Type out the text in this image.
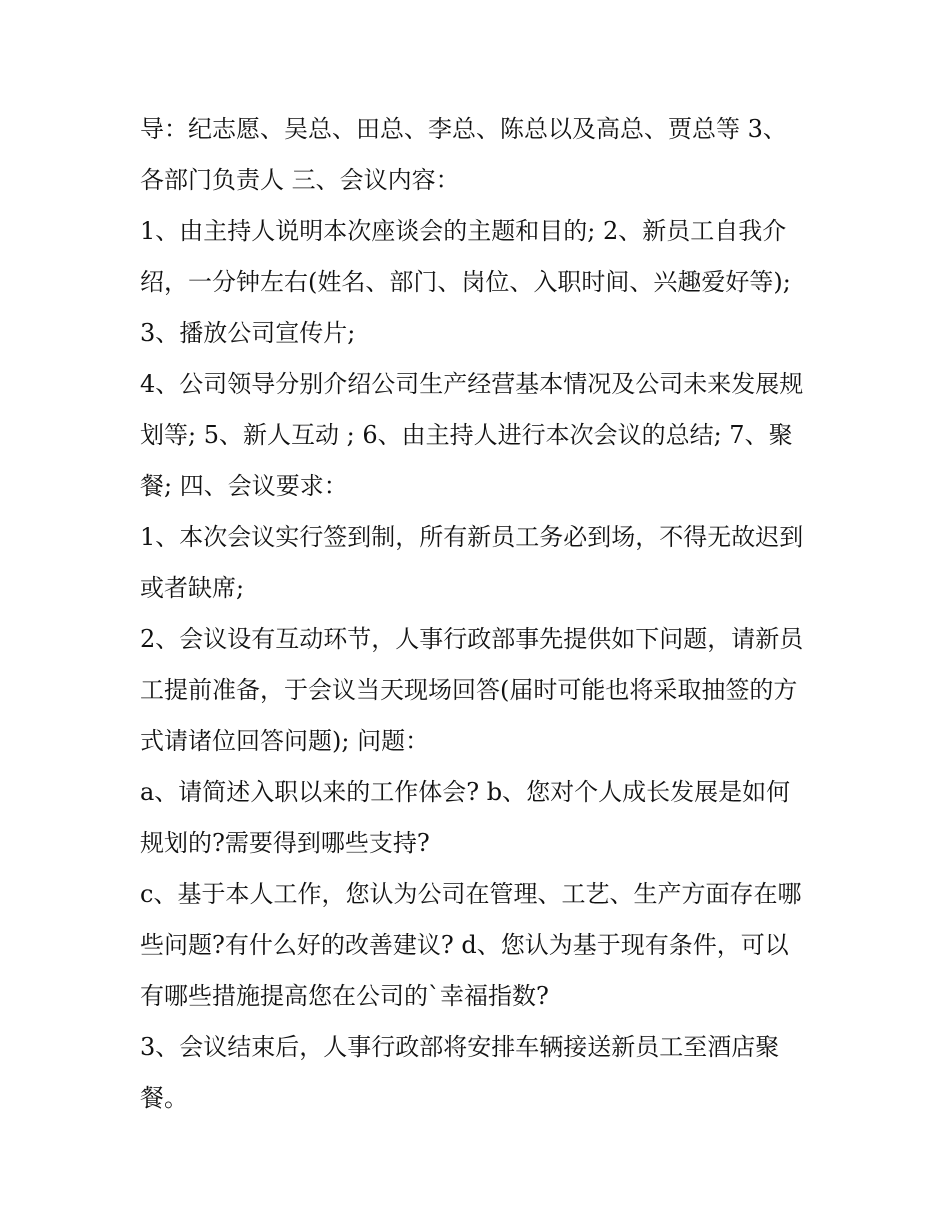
导：纪志愿、吴总、田总、李总、陈总以及高总、贾总等 3、各部门负责人 三、会议内容：

1、由主持人说明本次座谈会的主题和目的; 2、新员工自我介绍，一分钟左右(姓名、部门、岗位、入职时间、兴趣爱好等); 3、播放公司宣传片;

4、公司领导分别介绍公司生产经营基本情况及公司未来发展规划等; 5、新人互动 ; 6、由主持人进行本次会议的总结; 7、聚餐; 四、会议要求：

1、本次会议实行签到制，所有新员工务必到场，不得无故迟到或者缺席;

2、会议设有互动环节，人事行政部事先提供如下问题，请新员工提前准备，于会议当天现场回答(届时可能也将采取抽签的方式请诸位回答问题); 问题：

a、请简述入职以来的工作体会? b、您对个人成长发展是如何规划的?需要得到哪些支持?

c、基于本人工作，您认为公司在管理、工艺、生产方面存在哪些问题?有什么好的改善建议? d、您认为基于现有条件，可以有哪些措施提高您在公司的`幸福指数?

3、会议结束后，人事行政部将安排车辆接送新员工至酒店聚餐。
